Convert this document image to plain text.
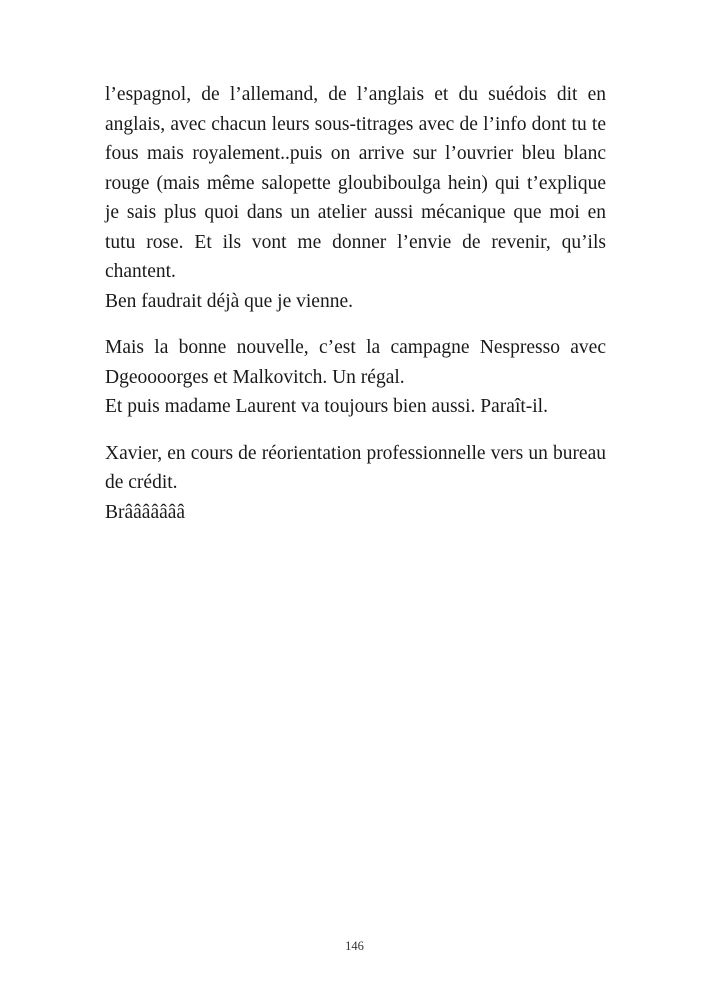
l’espagnol, de l’allemand, de l’anglais et du suédois dit en anglais, avec chacun leurs sous-titrages avec de l’info dont tu te fous mais royalement..puis on arrive sur l’ouvrier bleu blanc rouge (mais même salopette gloubiboulga hein) qui t’explique je sais plus quoi dans un atelier aussi mécanique que moi en tutu rose. Et ils vont me donner l’envie de revenir, qu’ils chantent.
Ben faudrait déjà que je vienne.
Mais la bonne nouvelle, c’est la campagne Nespresso avec Dgeoooorges et Malkovitch. Un régal.
Et puis madame Laurent va toujours bien aussi. Paraît-il.
Xavier, en cours de réorientation professionnelle vers un bureau de crédit.
Brâââââââ
146
